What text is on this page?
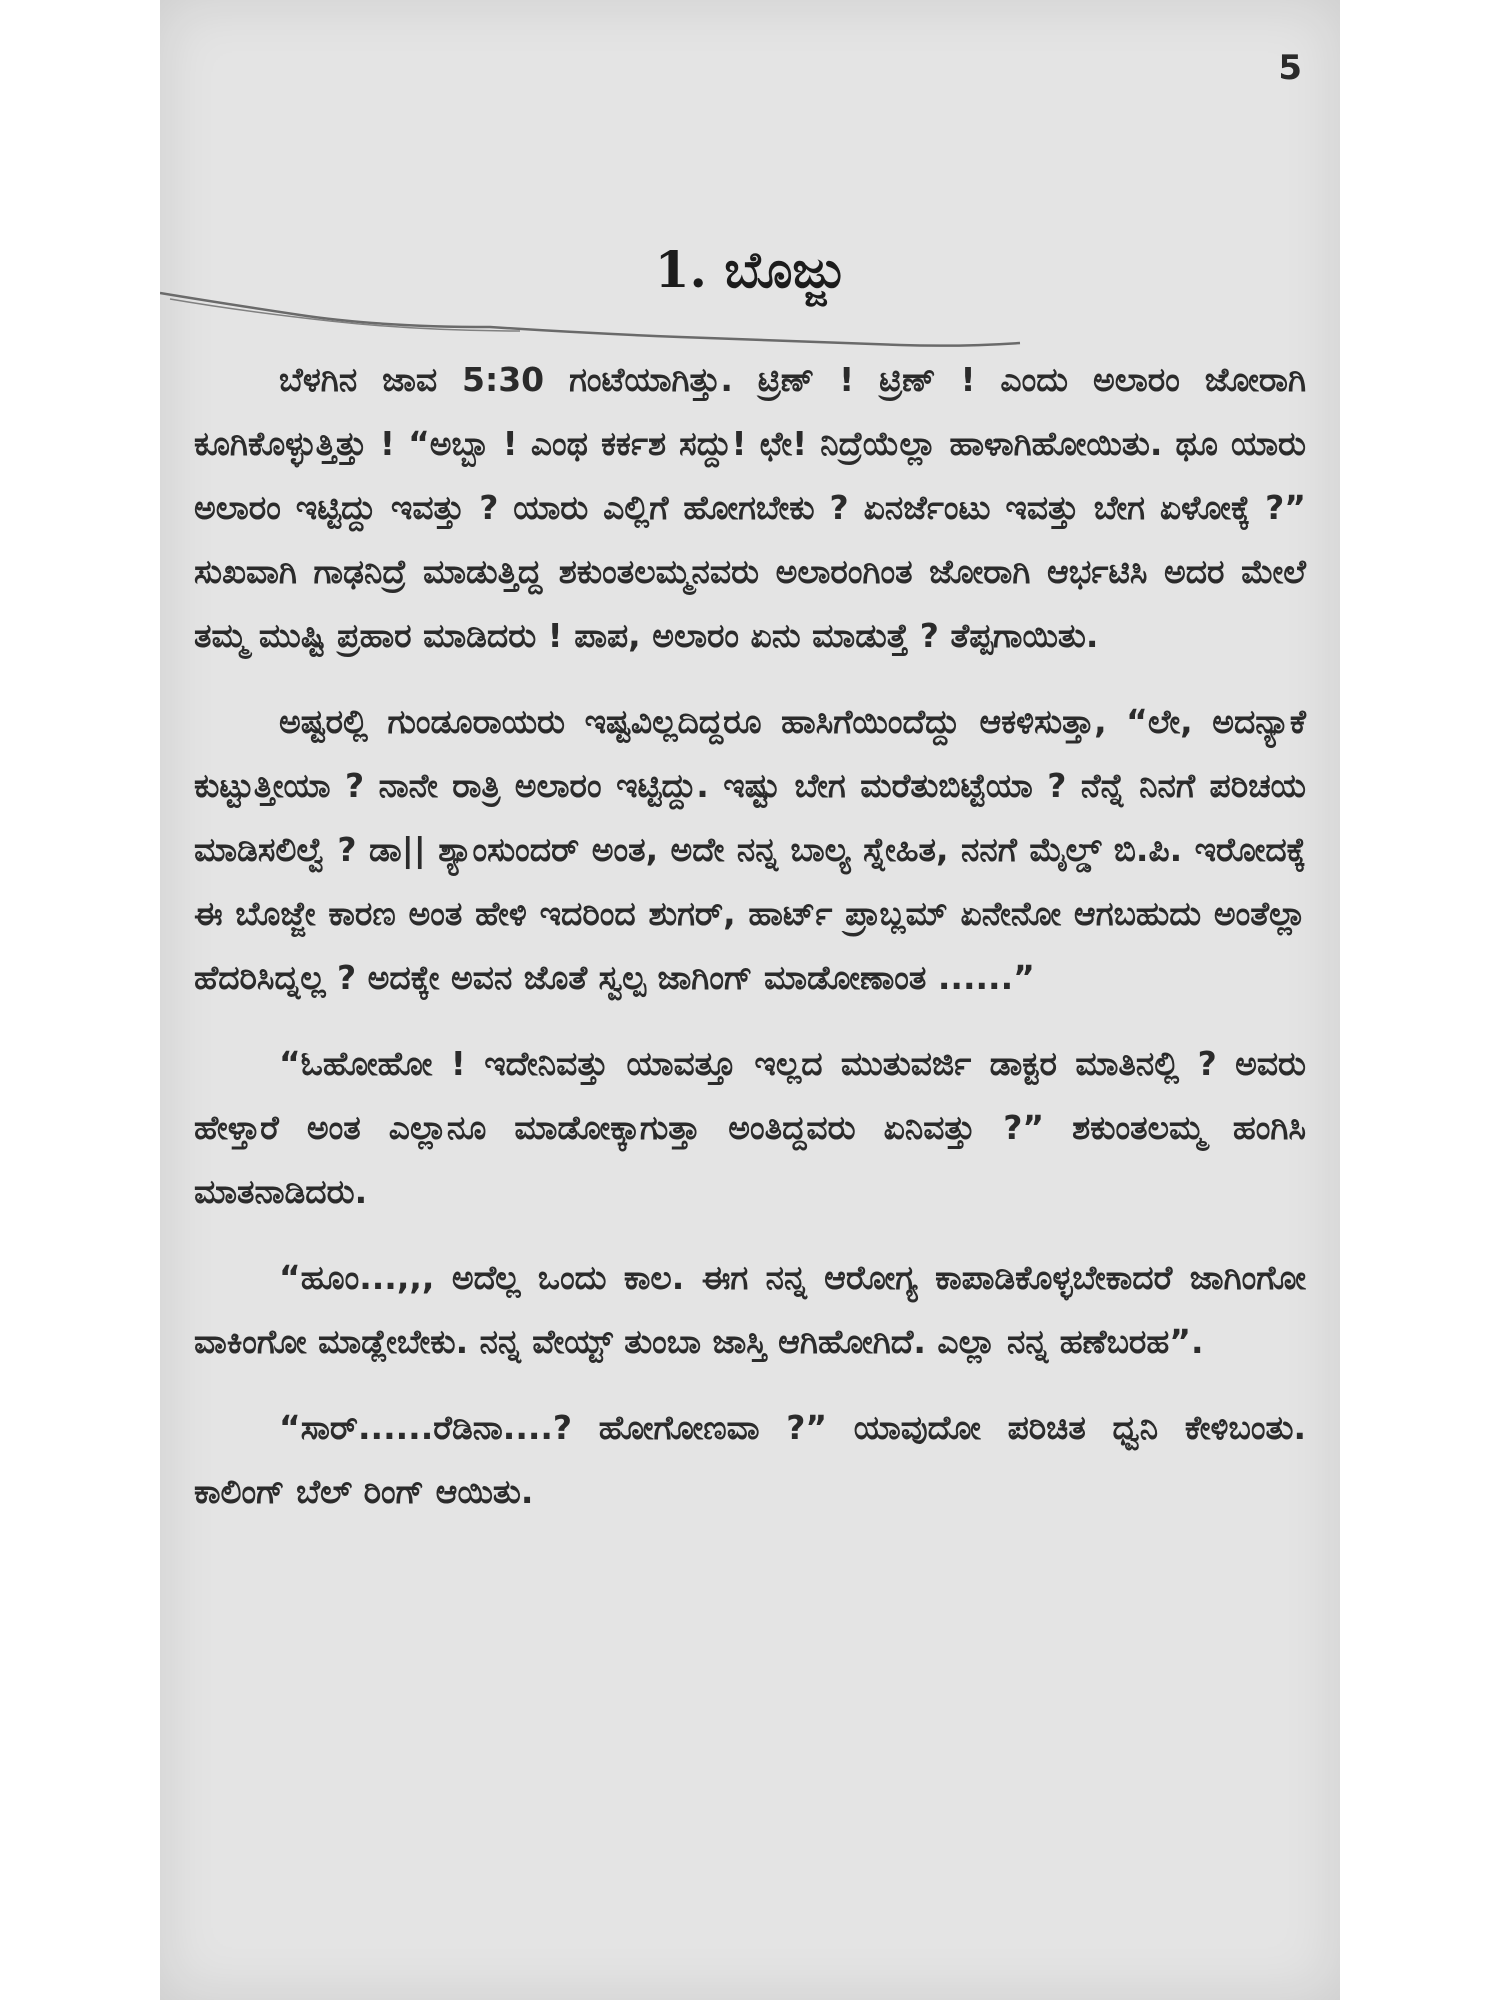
5
1. ಬೊಜ್ಜು

ಬೆಳಗಿನ ಜಾವ 5:30 ಗಂಟೆಯಾಗಿತ್ತು. ಟ್ರಿಣ್ ! ಟ್ರಿಣ್ ! ಎಂದು ಅಲಾರಂ ಜೋರಾಗಿ ಕೂಗಿಕೊಳ್ಳುತ್ತಿತ್ತು ! “ಅಬ್ಬಾ ! ಎಂಥ ಕರ್ಕಶ ಸದ್ದು! ಛೇ! ನಿದ್ರೆಯೆಲ್ಲಾ ಹಾಳಾಗಿಹೋಯಿತು. ಥೂ ಯಾರು ಅಲಾರಂ ಇಟ್ಟಿದ್ದು ಇವತ್ತು ? ಯಾರು ಎಲ್ಲಿಗೆ ಹೋಗಬೇಕು ? ಏನರ್ಜೆಂಟು ಇವತ್ತು ಬೇಗ ಏಳೋಕ್ಕೆ ?” ಸುಖವಾಗಿ ಗಾಢನಿದ್ರೆ ಮಾಡುತ್ತಿದ್ದ ಶಕುಂತಲಮ್ಮನವರು ಅಲಾರಂಗಿಂತ ಜೋರಾಗಿ ಆರ್ಭಟಿಸಿ ಅದರ ಮೇಲೆ ತಮ್ಮ ಮುಷ್ಟಿ ಪ್ರಹಾರ ಮಾಡಿದರು ! ಪಾಪ, ಅಲಾರಂ ಏನು ಮಾಡುತ್ತೆ ? ತೆಪ್ಪಗಾಯಿತು.

ಅಷ್ಟರಲ್ಲಿ ಗುಂಡೂರಾಯರು ಇಷ್ಟವಿಲ್ಲದಿದ್ದರೂ ಹಾಸಿಗೆಯಿಂದೆದ್ದು ಆಕಳಿಸುತ್ತಾ, “ಲೇ, ಅದನ್ಯಾಕೆ ಕುಟ್ಟುತ್ತೀಯಾ ? ನಾನೇ ರಾತ್ರಿ ಅಲಾರಂ ಇಟ್ಟಿದ್ದು. ಇಷ್ಟು ಬೇಗ ಮರೆತುಬಿಟ್ಟೆಯಾ ? ನೆನ್ನೆ ನಿನಗೆ ಪರಿಚಯ ಮಾಡಿಸಲಿಲ್ವೆ ? ಡಾ|| ಶ್ಯಾಂಸುಂದರ್ ಅಂತ, ಅದೇ ನನ್ನ ಬಾಲ್ಯ ಸ್ನೇಹಿತ, ನನಗೆ ಮೈಲ್ಡ್ ಬಿ.ಪಿ. ಇರೋದಕ್ಕೆ ಈ ಬೊಜ್ಜೇ ಕಾರಣ ಅಂತ ಹೇಳಿ ಇದರಿಂದ ಶುಗರ್, ಹಾರ್ಟ್ ಪ್ರಾಬ್ಲಮ್ ಏನೇನೋ ಆಗಬಹುದು ಅಂತೆಲ್ಲಾ ಹೆದರಿಸಿದ್ನಲ್ಲ ? ಅದಕ್ಕೇ ಅವನ ಜೊತೆ ಸ್ವಲ್ಪ ಜಾಗಿಂಗ್ ಮಾಡೋಣಾಂತ ......”

“ಓಹೋಹೋ ! ಇದೇನಿವತ್ತು ಯಾವತ್ತೂ ಇಲ್ಲದ ಮುತುವರ್ಜಿ ಡಾಕ್ಟರ ಮಾತಿನಲ್ಲಿ ? ಅವರು ಹೇಳ್ತಾರೆ ಅಂತ ಎಲ್ಲಾನೂ ಮಾಡೋಕ್ಕಾಗುತ್ತಾ ಅಂತಿದ್ದವರು ಏನಿವತ್ತು ?” ಶಕುಂತಲಮ್ಮ ಹಂಗಿಸಿ ಮಾತನಾಡಿದರು.

“ಹೂಂ...,,, ಅದೆಲ್ಲ ಒಂದು ಕಾಲ. ಈಗ ನನ್ನ ಆರೋಗ್ಯ ಕಾಪಾಡಿಕೊಳ್ಳಬೇಕಾದರೆ ಜಾಗಿಂಗೋ ವಾಕಿಂಗೋ ಮಾಡ್ಲೇಬೇಕು. ನನ್ನ ವೇಯ್ಟ್ ತುಂಬಾ ಜಾಸ್ತಿ ಆಗಿಹೋಗಿದೆ. ಎಲ್ಲಾ ನನ್ನ ಹಣೆಬರಹ”.

“ಸಾರ್......ರೆಡಿನಾ....? ಹೋಗೋಣವಾ ?” ಯಾವುದೋ ಪರಿಚಿತ ಧ್ವನಿ ಕೇಳಿಬಂತು. ಕಾಲಿಂಗ್ ಬೆಲ್ ರಿಂಗ್ ಆಯಿತು.
